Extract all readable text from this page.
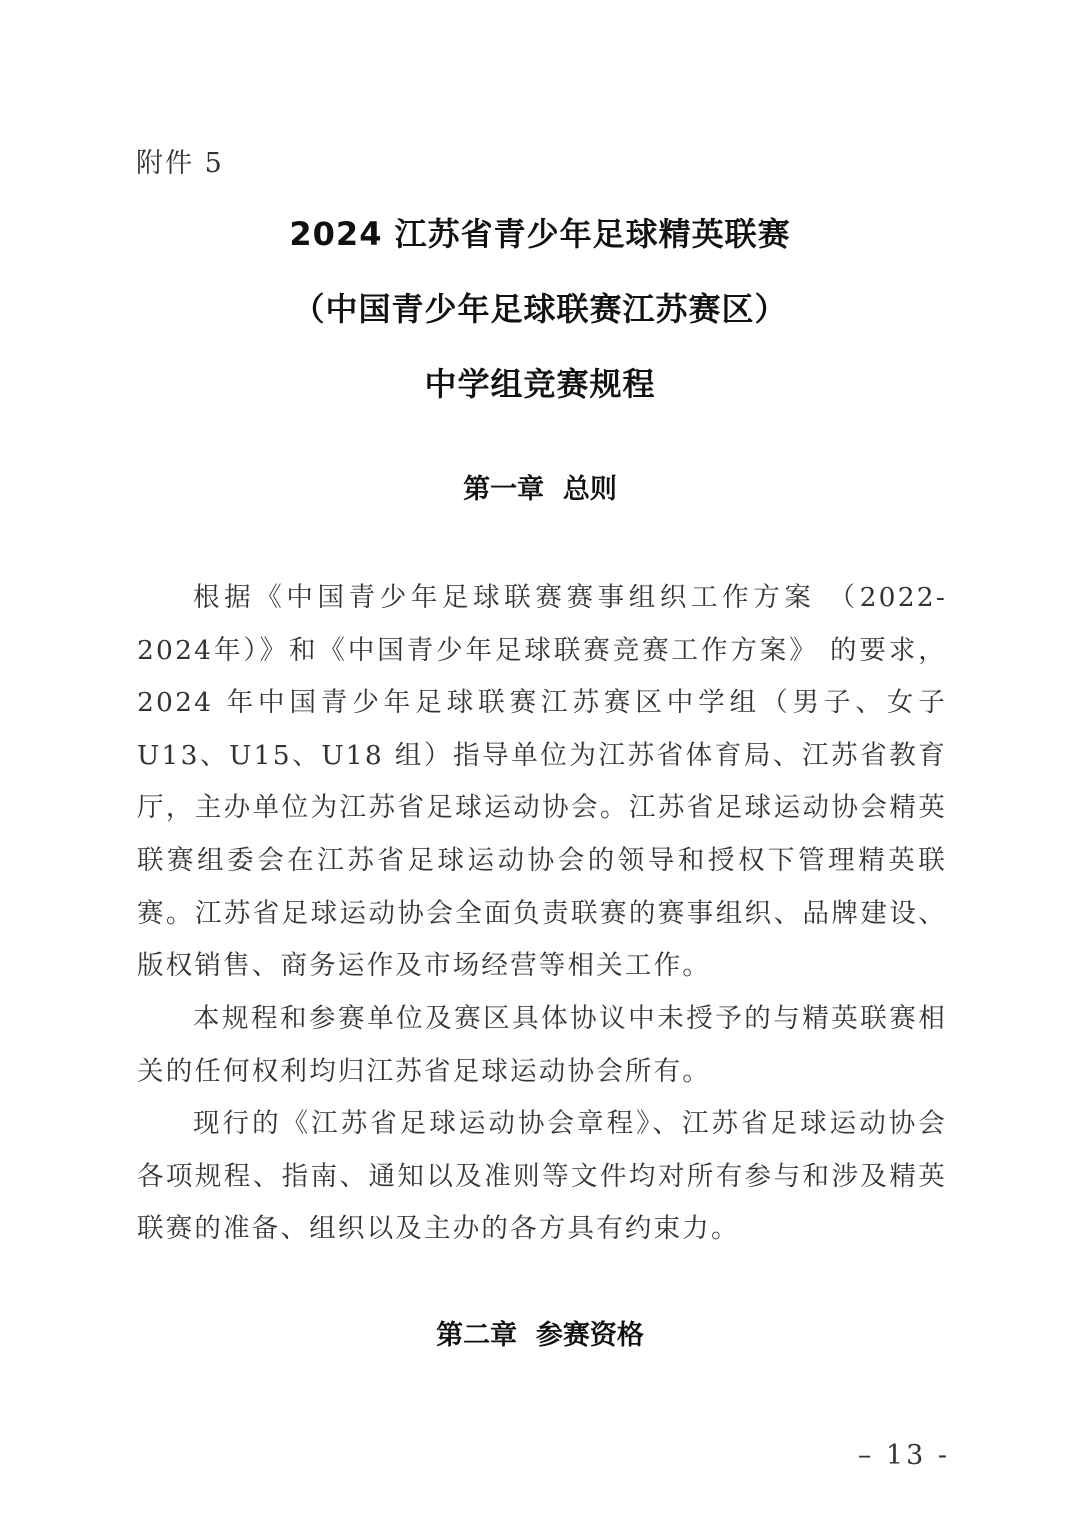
附件 5
2024 江苏省青少年足球精英联赛
（中国青少年足球联赛江苏赛区）
中学组竞赛规程
第一章  总则

根据《中国青少年足球联赛赛事组织工作方案 （2022-2024年）》和《中国青少年足球联赛竞赛工作方案》 的要求，2024 年中国青少年足球联赛江苏赛区中学组（男子、女子 U13、U15、U18 组）指导单位为江苏省体育局、江苏省教育厅，主办单位为江苏省足球运动协会。江苏省足球运动协会精英联赛组委会在江苏省足球运动协会的领导和授权下管理精英联赛。江苏省足球运动协会全面负责联赛的赛事组织、品牌建设、版权销售、商务运作及市场经营等相关工作。

本规程和参赛单位及赛区具体协议中未授予的与精英联赛相关的任何权利均归江苏省足球运动协会所有。

现行的《江苏省足球运动协会章程》、江苏省足球运动协会各项规程、指南、通知以及准则等文件均对所有参与和涉及精英联赛的准备、组织以及主办的各方具有约束力。

第二章  参赛资格
– 13 -
